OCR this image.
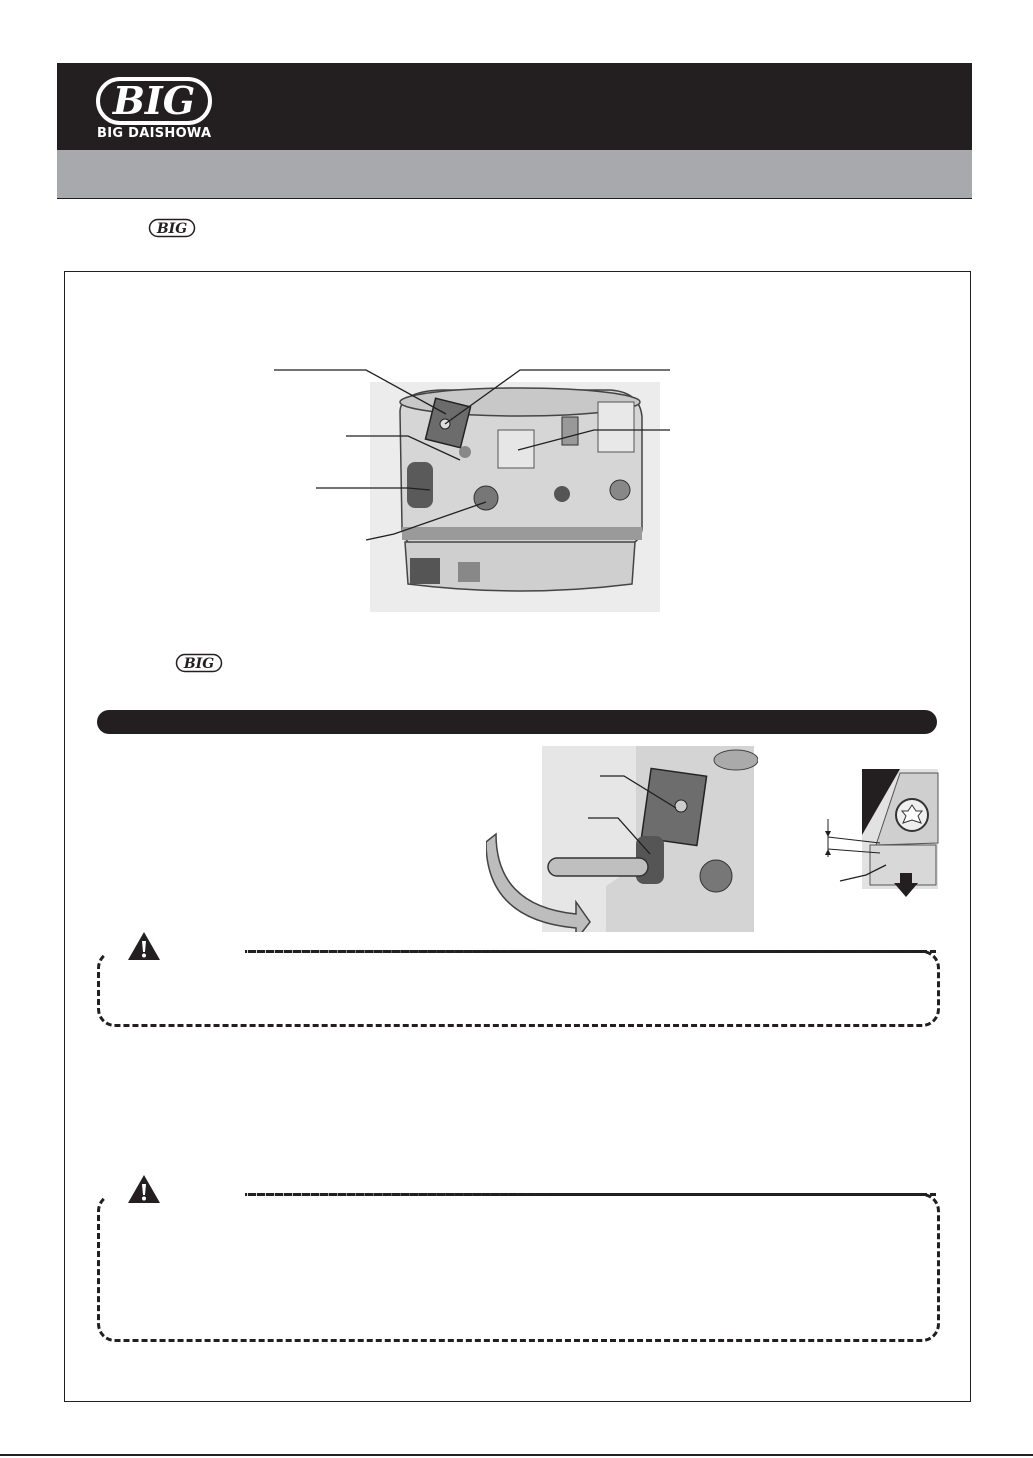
BIG
BIG DAISHOWA
BIG
BIG
